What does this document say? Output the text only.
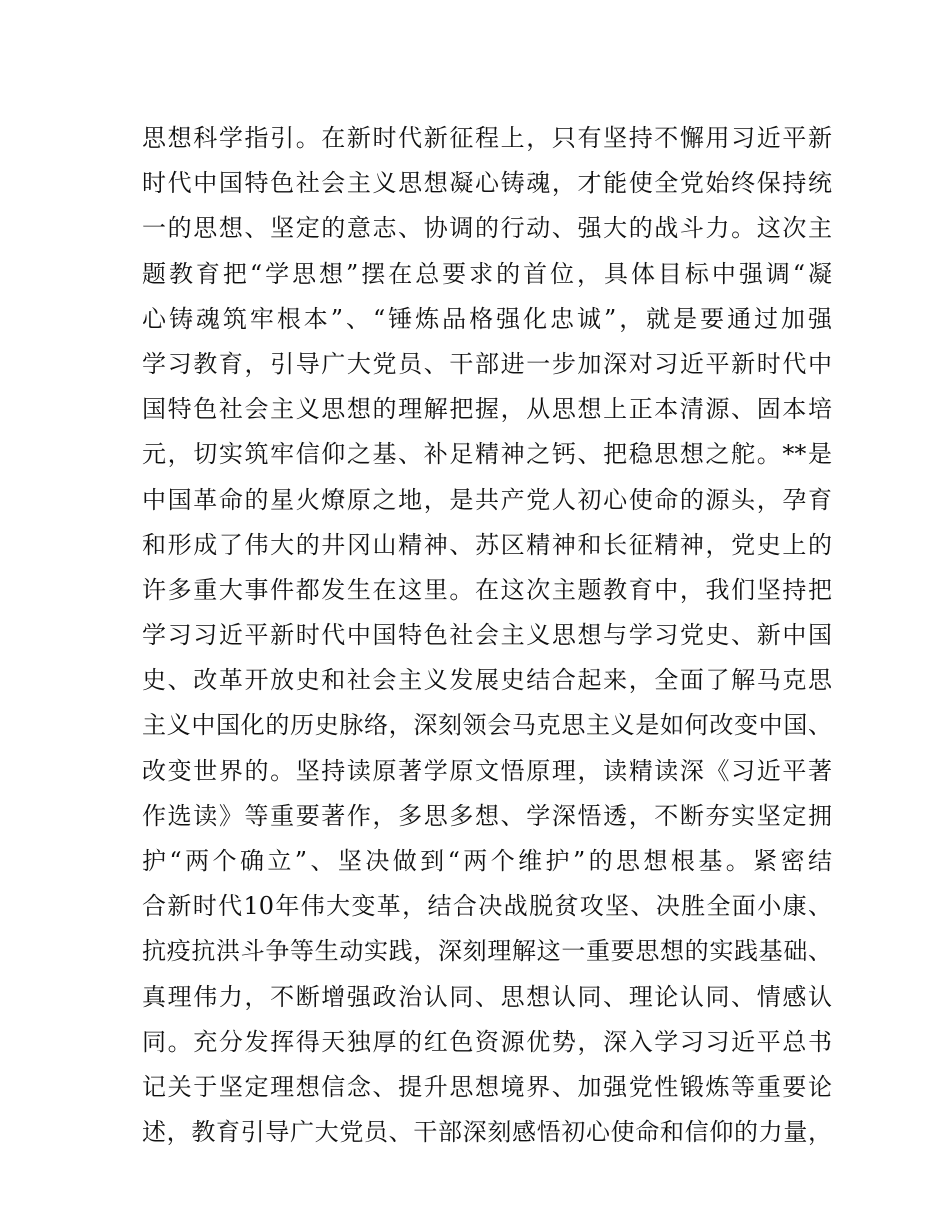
思想科学指引。在新时代新征程上，只有坚持不懈用习近平新
时代中国特色社会主义思想凝心铸魂，才能使全党始终保持统
一的思想、坚定的意志、协调的行动、强大的战斗力。这次主
题教育把“学思想”摆在总要求的首位，具体目标中强调“凝
心铸魂筑牢根本”、“锤炼品格强化忠诚”，就是要通过加强
学习教育，引导广大党员、干部进一步加深对习近平新时代中
国特色社会主义思想的理解把握，从思想上正本清源、固本培
元，切实筑牢信仰之基、补足精神之钙、把稳思想之舵。**是
中国革命的星火燎原之地，是共产党人初心使命的源头，孕育
和形成了伟大的井冈山精神、苏区精神和长征精神，党史上的
许多重大事件都发生在这里。在这次主题教育中，我们坚持把
学习习近平新时代中国特色社会主义思想与学习党史、新中国
史、改革开放史和社会主义发展史结合起来，全面了解马克思
主义中国化的历史脉络，深刻领会马克思主义是如何改变中国、
改变世界的。坚持读原著学原文悟原理，读精读深《习近平著
作选读》等重要著作，多思多想、学深悟透，不断夯实坚定拥
护“两个确立”、坚决做到“两个维护”的思想根基。紧密结
合新时代10年伟大变革，结合决战脱贫攻坚、决胜全面小康、
抗疫抗洪斗争等生动实践，深刻理解这一重要思想的实践基础、
真理伟力，不断增强政治认同、思想认同、理论认同、情感认
同。充分发挥得天独厚的红色资源优势，深入学习习近平总书
记关于坚定理想信念、提升思想境界、加强党性锻炼等重要论
述，教育引导广大党员、干部深刻感悟初心使命和信仰的力量，
